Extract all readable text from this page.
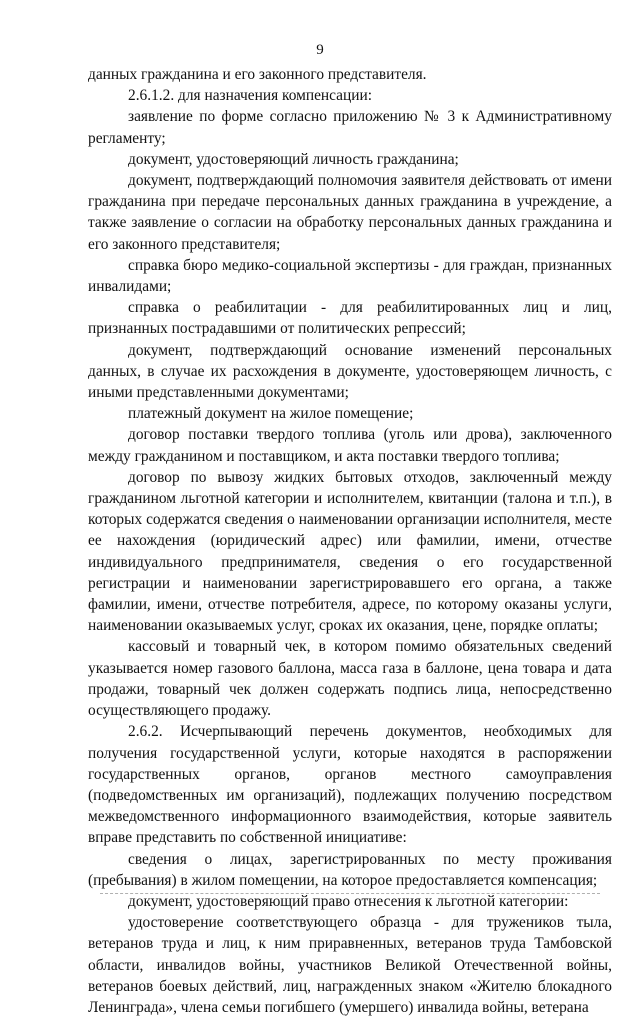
9

данных гражданина и его законного представителя.

2.6.1.2. для назначения компенсации:

заявление по форме согласно приложению № 3 к Административному регламенту;

документ, удостоверяющий личность гражданина;

документ, подтверждающий полномочия заявителя действовать от имени гражданина при передаче персональных данных гражданина в учреждение, а также заявление о согласии на обработку персональных данных гражданина и его законного представителя;

справка бюро медико-социальной экспертизы - для граждан, признанных инвалидами;

справка о реабилитации - для реабилитированных лиц и лиц, признанных пострадавшими от политических репрессий;

документ, подтверждающий основание изменений персональных данных, в случае их расхождения в документе, удостоверяющем личность, с иными представленными документами;

платежный документ на жилое помещение;

договор поставки твердого топлива (уголь или дрова), заключенного между гражданином и поставщиком, и акта поставки твердого топлива;

договор по вывозу жидких бытовых отходов, заключенный между гражданином льготной категории и исполнителем, квитанции (талона и т.п.), в которых содержатся сведения о наименовании организации исполнителя, месте ее нахождения (юридический адрес) или фамилии, имени, отчестве индивидуального предпринимателя, сведения о его государственной регистрации и наименовании зарегистрировавшего его органа, а также фамилии, имени, отчестве потребителя, адресе, по которому оказаны услуги, наименовании оказываемых услуг, сроках их оказания, цене, порядке оплаты;

кассовый и товарный чек, в котором помимо обязательных сведений указывается номер газового баллона, масса газа в баллоне, цена товара и дата продажи, товарный чек должен содержать подпись лица, непосредственно осуществляющего продажу.

2.6.2. Исчерпывающий перечень документов, необходимых для получения государственной услуги, которые находятся в распоряжении государственных органов, органов местного самоуправления (подведомственных им организаций), подлежащих получению посредством межведомственного информационного взаимодействия, которые заявитель вправе представить по собственной инициативе:

сведения о лицах, зарегистрированных по месту проживания (пребывания) в жилом помещении, на которое предоставляется компенсация;

документ, удостоверяющий право отнесения к льготной категории:

удостоверение соответствующего образца - для тружеников тыла, ветеранов труда и лиц, к ним приравненных, ветеранов труда Тамбовской области, инвалидов войны, участников Великой Отечественной войны, ветеранов боевых действий, лиц, награжденных знаком «Жителю блокадного Ленинграда», члена семьи погибшего (умершего) инвалида войны, ветерана
